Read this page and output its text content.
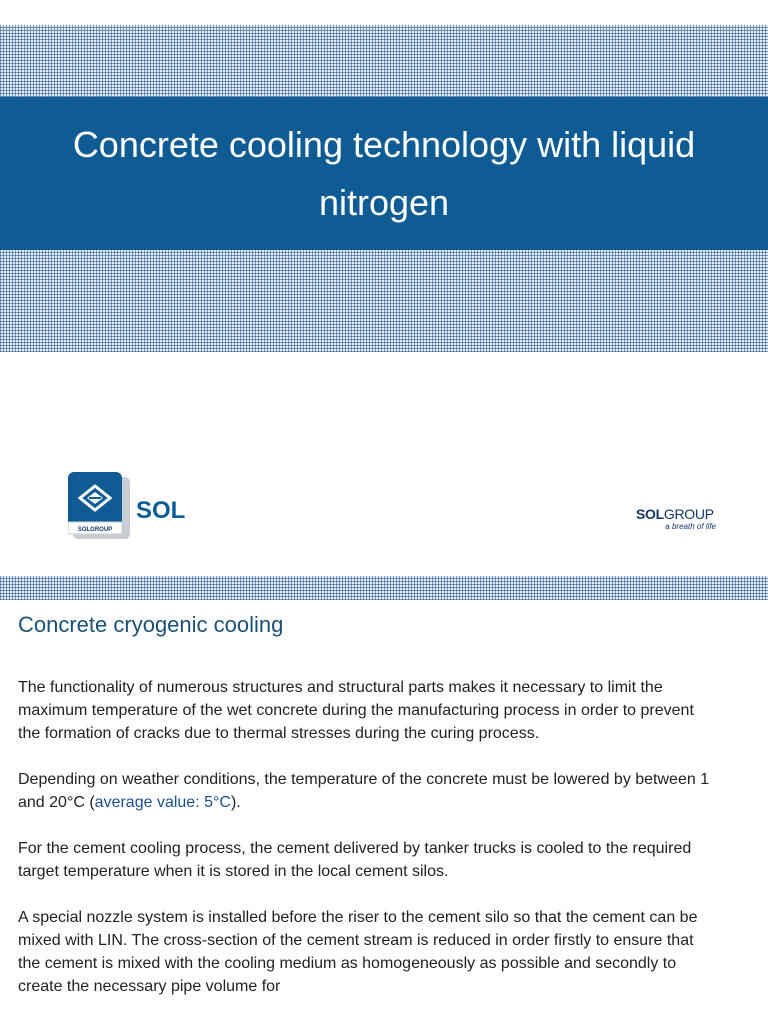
Concrete cooling technology with liquid nitrogen
SOLGROUP
SOL	SOLGROUP
a breath of life
Concrete cryogenic cooling

The functionality of numerous structures and structural parts makes it necessary to limit the maximum temperature of the wet concrete during the manufacturing process in order to prevent the formation of cracks due to thermal stresses during the curing process.

Depending on weather conditions, the temperature of the concrete must be lowered by between 1 and 20°C (average value: 5°C).

For the cement cooling process, the cement delivered by tanker trucks is cooled to the required target temperature when it is stored in the local cement silos.

A special nozzle system is installed before the riser to the cement silo so that the cement can be mixed with LIN. The cross-section of the cement stream is reduced in order firstly to ensure that the cement is mixed with the cooling medium as homogeneously as possible and secondly to create the necessary pipe volume for
